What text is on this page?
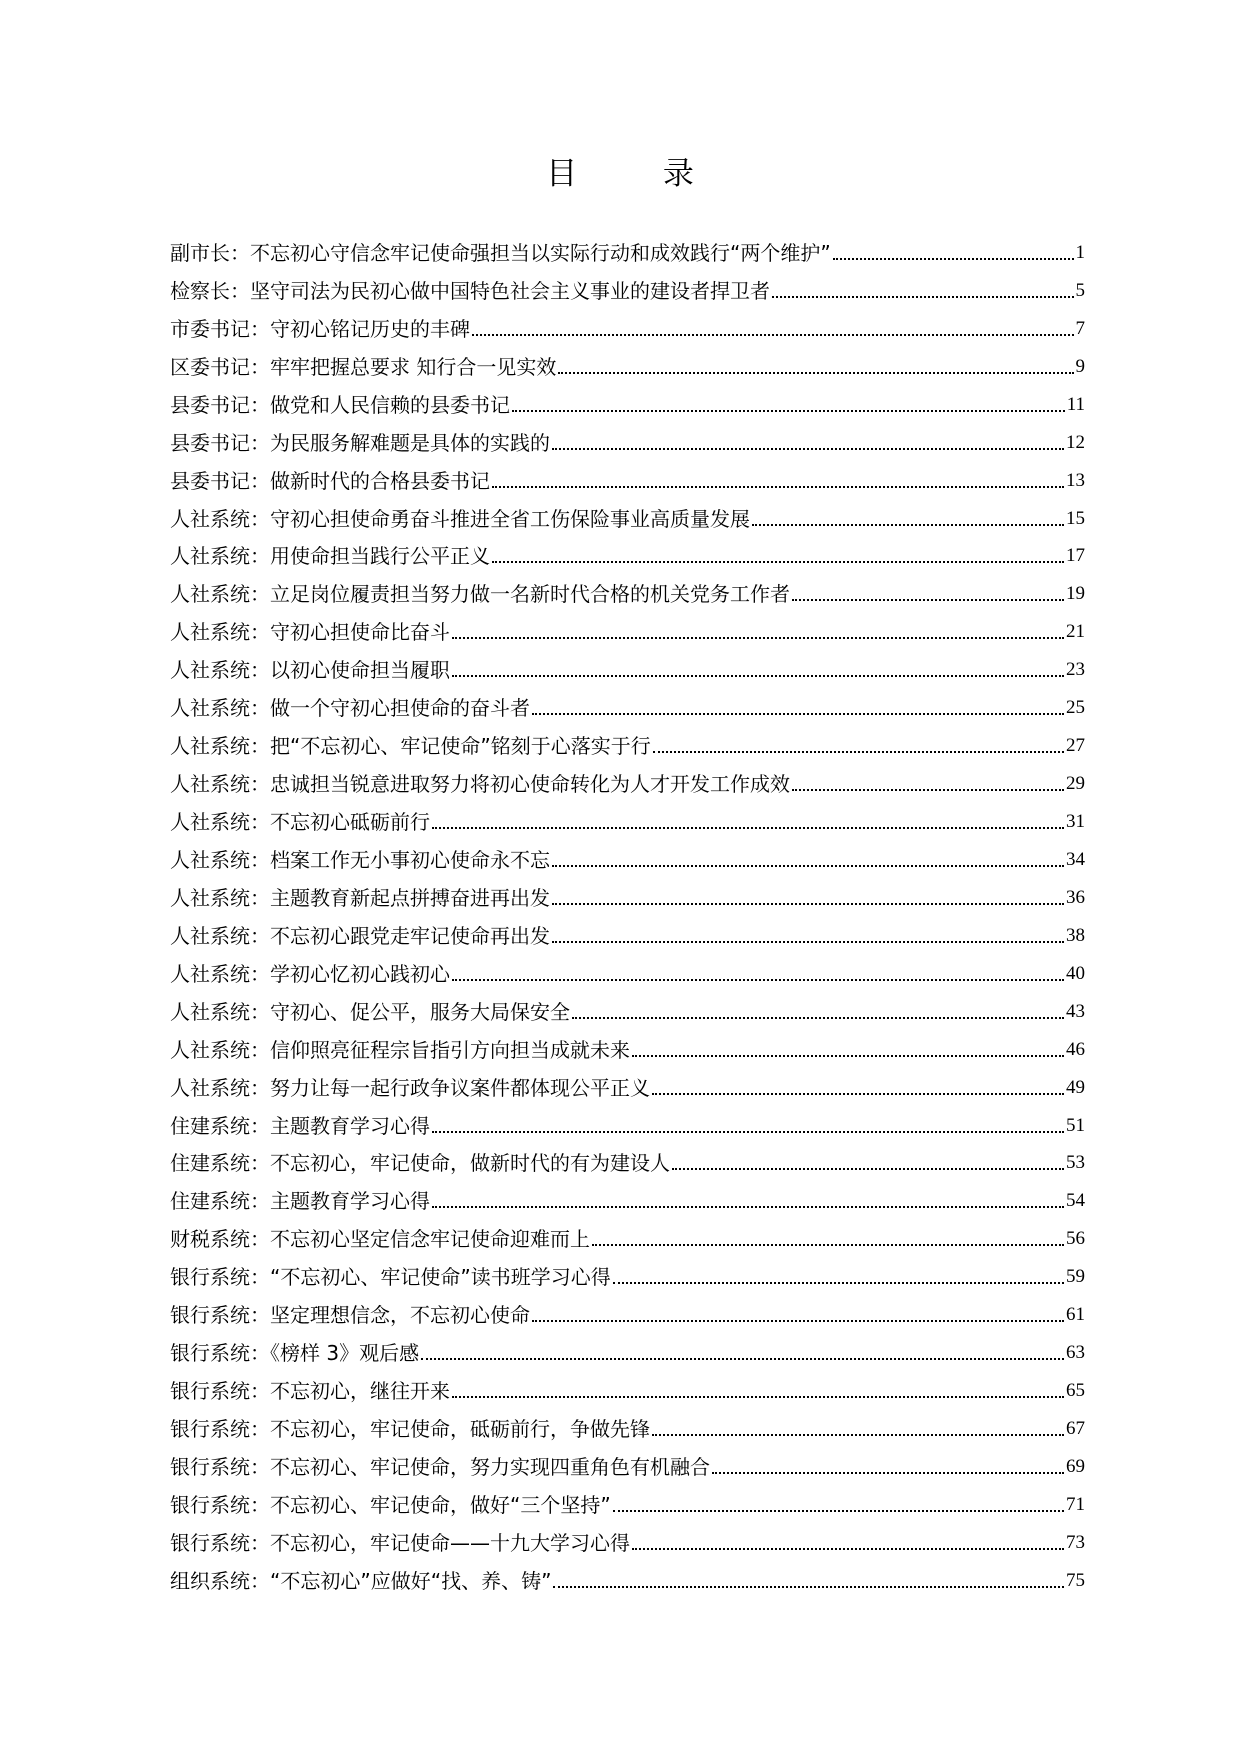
目 录
副市长：不忘初心守信念牢记使命强担当以实际行动和成效践行“两个维护”	1
检察长：坚守司法为民初心做中国特色社会主义事业的建设者捍卫者	5
市委书记：守初心铭记历史的丰碑	7
区委书记：牢牢把握总要求 知行合一见实效	9
县委书记：做党和人民信赖的县委书记	11
县委书记：为民服务解难题是具体的实践的	12
县委书记：做新时代的合格县委书记	13
人社系统：守初心担使命勇奋斗推进全省工伤保险事业高质量发展	15
人社系统：用使命担当践行公平正义	17
人社系统：立足岗位履责担当努力做一名新时代合格的机关党务工作者	19
人社系统：守初心担使命比奋斗	21
人社系统：以初心使命担当履职	23
人社系统：做一个守初心担使命的奋斗者	25
人社系统：把“不忘初心、牢记使命”铭刻于心落实于行	27
人社系统：忠诚担当锐意进取努力将初心使命转化为人才开发工作成效	29
人社系统：不忘初心砥砺前行	31
人社系统：档案工作无小事初心使命永不忘	34
人社系统：主题教育新起点拼搏奋进再出发	36
人社系统：不忘初心跟党走牢记使命再出发	38
人社系统：学初心忆初心践初心	40
人社系统：守初心、促公平，服务大局保安全	43
人社系统：信仰照亮征程宗旨指引方向担当成就未来	46
人社系统：努力让每一起行政争议案件都体现公平正义	49
住建系统：主题教育学习心得	51
住建系统：不忘初心，牢记使命，做新时代的有为建设人	53
住建系统：主题教育学习心得	54
财税系统：不忘初心坚定信念牢记使命迎难而上	56
银行系统：“不忘初心、牢记使命”读书班学习心得	59
银行系统：坚定理想信念，不忘初心使命	61
银行系统：《榜样 3》观后感	63
银行系统：不忘初心，继往开来	65
银行系统：不忘初心，牢记使命，砥砺前行，争做先锋	67
银行系统：不忘初心、牢记使命，努力实现四重角色有机融合	69
银行系统：不忘初心、牢记使命，做好“三个坚持”	71
银行系统：不忘初心，牢记使命——十九大学习心得	73
组织系统：“不忘初心”应做好“找、养、铸”	75
